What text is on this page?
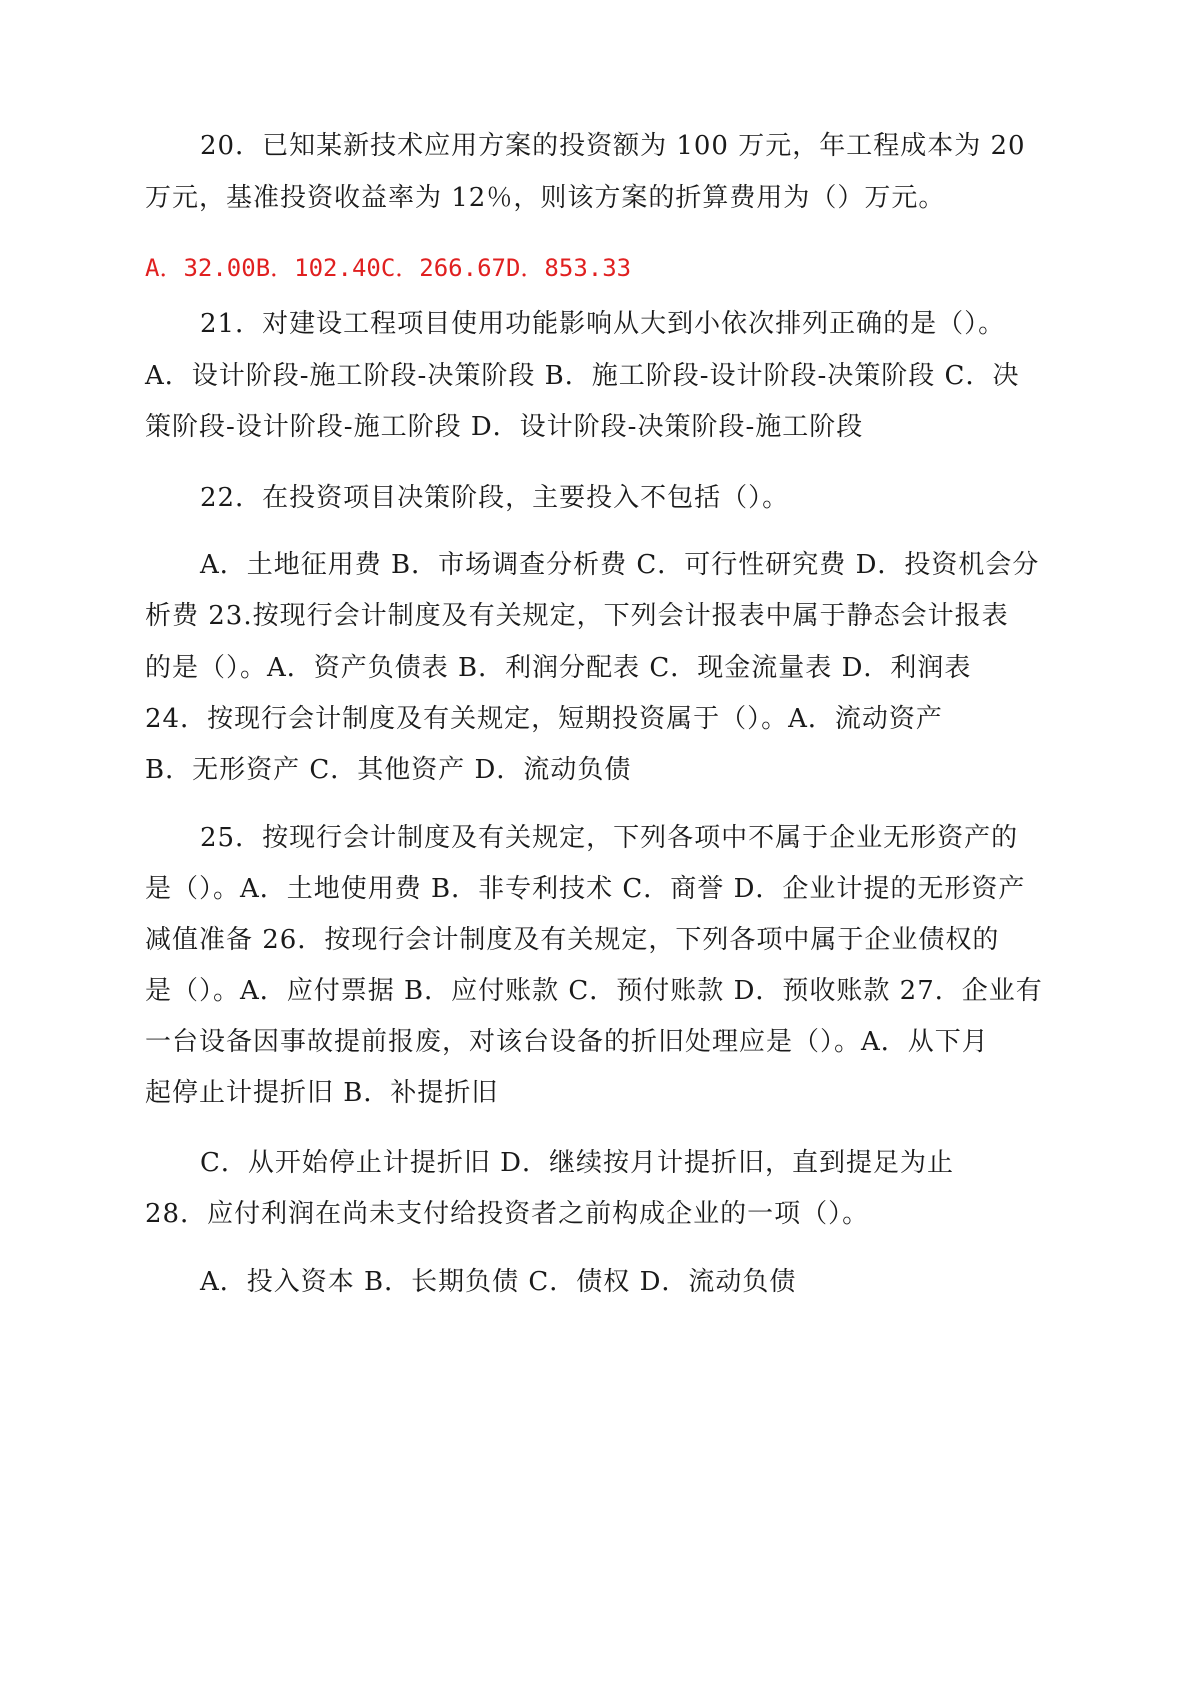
20．已知某新技术应用方案的投资额为 100 万元，年工程成本为 20
万元，基准投资收益率为 12％，则该方案的折算费用为（）万元。
A．32.00B．102.40C．266.67D．853.33
21．对建设工程项目使用功能影响从大到小依次排列正确的是（）。
A．设计阶段-施工阶段-决策阶段 B．施工阶段-设计阶段-决策阶段 C．决
策阶段-设计阶段-施工阶段 D．设计阶段-决策阶段-施工阶段
22．在投资项目决策阶段，主要投入不包括（）。
A．土地征用费 B．市场调查分析费 C．可行性研究费 D．投资机会分
析费 23.按现行会计制度及有关规定，下列会计报表中属于静态会计报表
的是（）。A．资产负债表 B．利润分配表 C．现金流量表 D．利润表
24．按现行会计制度及有关规定，短期投资属于（）。A．流动资产
B．无形资产 C．其他资产 D．流动负债
25．按现行会计制度及有关规定，下列各项中不属于企业无形资产的
是（）。A．土地使用费 B．非专利技术 C．商誉 D．企业计提的无形资产
减值准备 26．按现行会计制度及有关规定，下列各项中属于企业债权的
是（）。A．应付票据 B．应付账款 C．预付账款 D．预收账款 27．企业有
一台设备因事故提前报废，对该台设备的折旧处理应是（）。A．从下月
起停止计提折旧 B．补提折旧
C．从开始停止计提折旧 D．继续按月计提折旧，直到提足为止
28．应付利润在尚未支付给投资者之前构成企业的一项（）。
A．投入资本 B．长期负债 C．债权 D．流动负债
